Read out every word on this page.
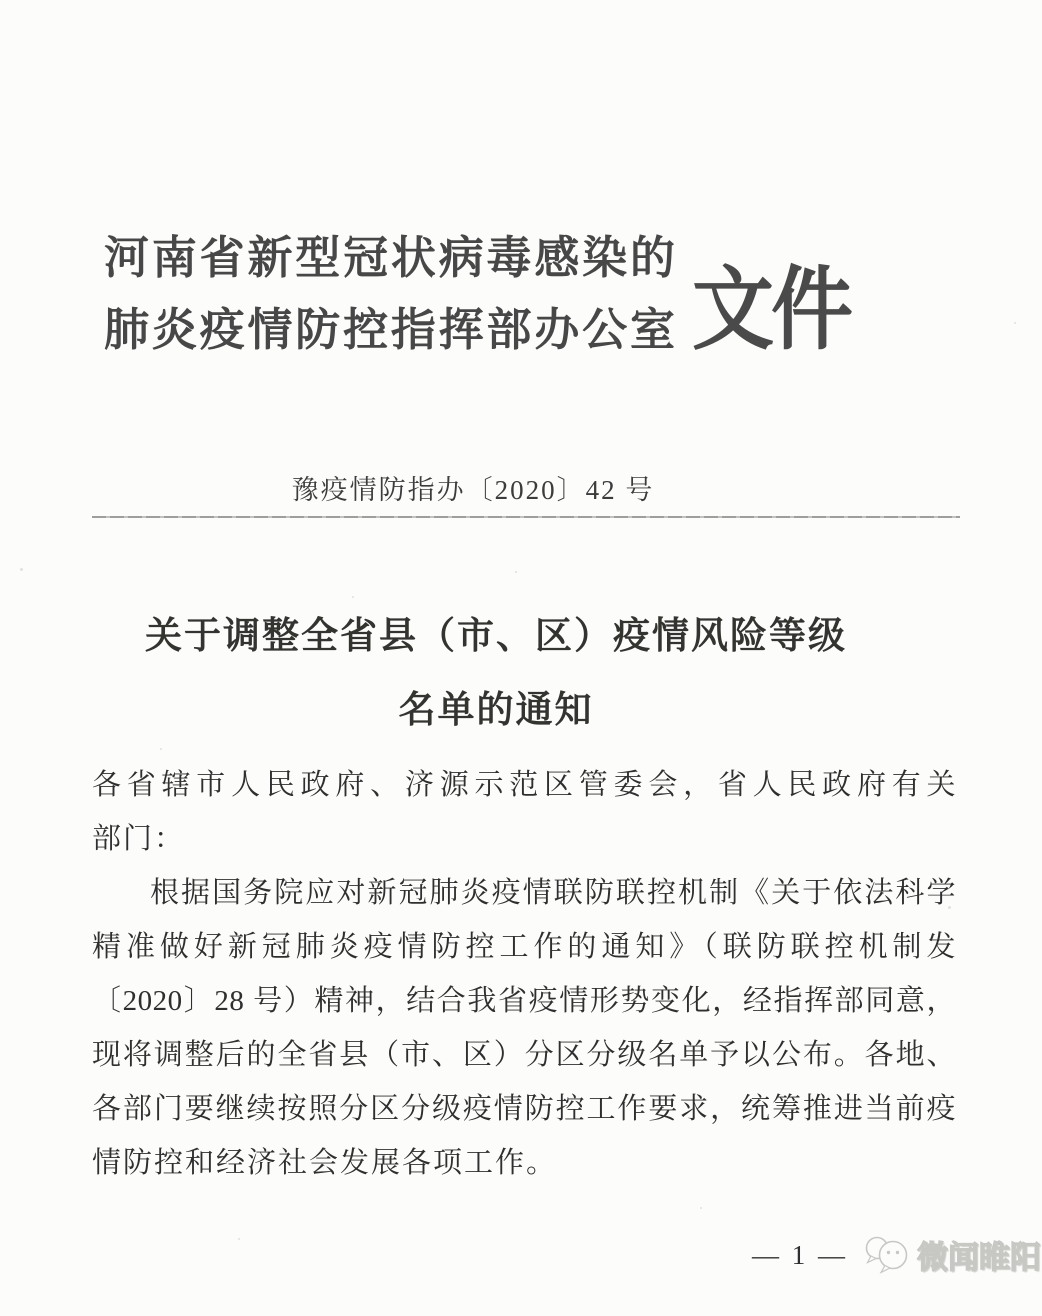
河南省新型冠状病毒感染的
肺炎疫情防控指挥部办公室 文件
豫疫情防指办〔2020〕42 号
关于调整全省县（市、区）疫情风险等级
名单的通知
各省辖市人民政府、济源示范区管委会，省人民政府有关
部门：
根据国务院应对新冠肺炎疫情联防联控机制《关于依法科学
精准做好新冠肺炎疫情防控工作的通知》（联防联控机制发
〔2020〕28 号）精神，结合我省疫情形势变化，经指挥部同意，
现将调整后的全省县（市、区）分区分级名单予以公布。各地、
各部门要继续按照分区分级疫情防控工作要求，统筹推进当前疫
情防控和经济社会发展各项工作。
— 1 — 微闻睢阳
